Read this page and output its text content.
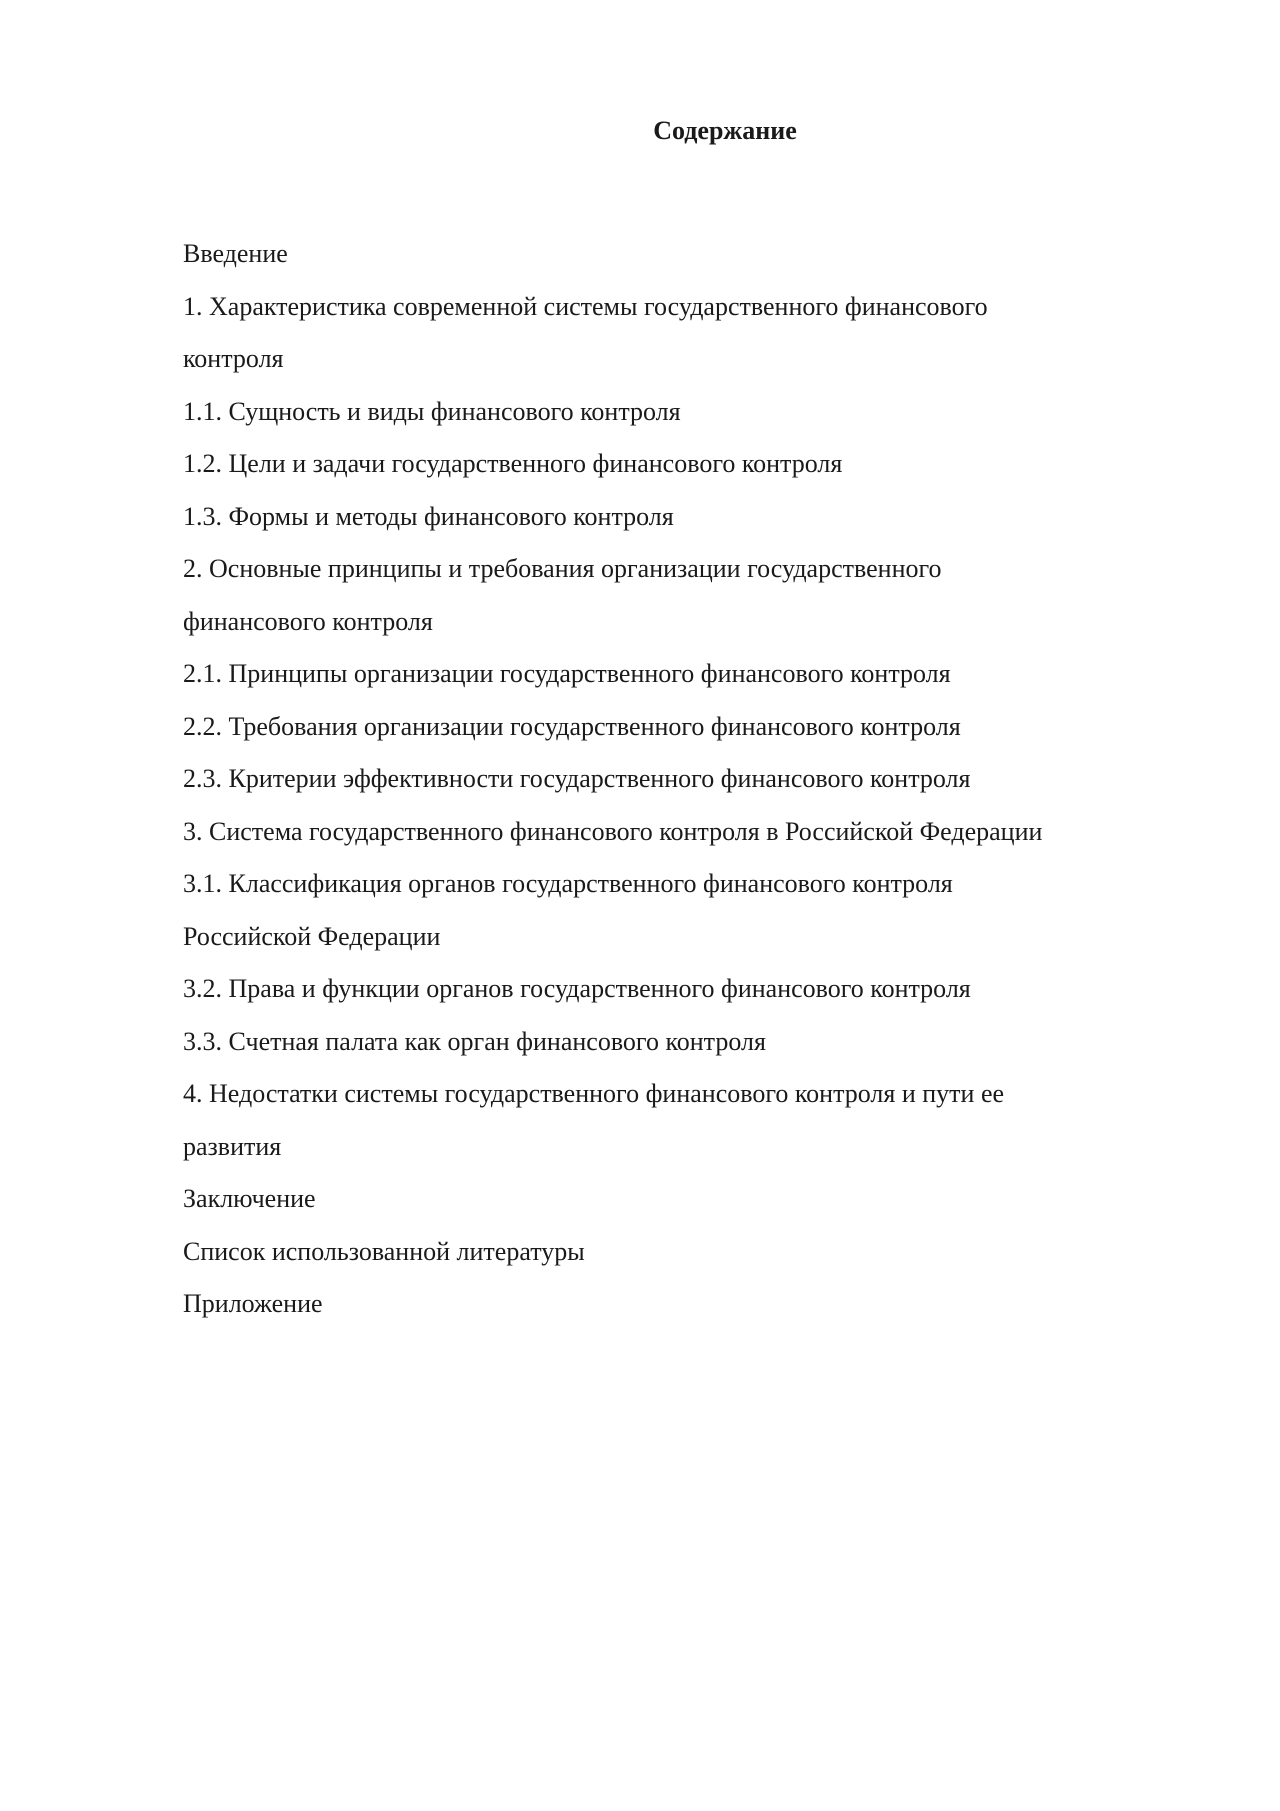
Содержание
Введение
1. Характеристика современной системы государственного финансового
контроля
1.1. Сущность и виды финансового контроля
1.2. Цели и задачи государственного финансового контроля
1.3. Формы и методы финансового контроля
2. Основные принципы и требования организации государственного
финансового контроля
2.1. Принципы организации государственного финансового контроля
2.2. Требования организации государственного финансового контроля
2.3. Критерии эффективности государственного финансового контроля
3. Система государственного финансового контроля в Российской Федерации
3.1. Классификация органов государственного финансового контроля
Российской Федерации
3.2. Права и функции органов государственного финансового контроля
3.3. Счетная палата как орган финансового контроля
4. Недостатки системы государственного финансового контроля и пути ее
развития
Заключение
Список использованной литературы
Приложение
